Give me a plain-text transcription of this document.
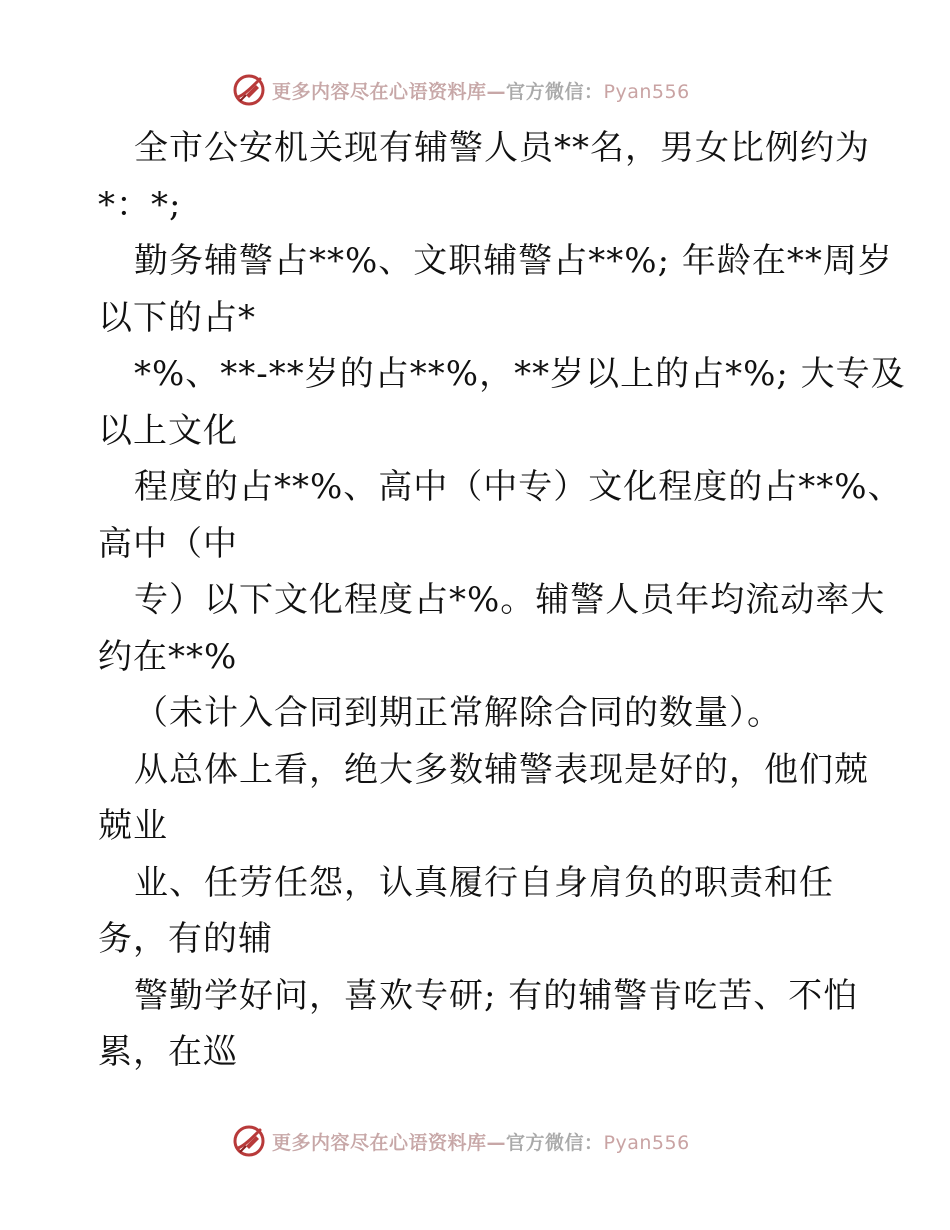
更多内容尽在心语资料库—官方微信：Pyan556
全市公安机关现有辅警人员**名，男女比例约为
*：*;
勤务辅警占**%、文职辅警占**%; 年龄在**周岁
以下的占*
*%、**-**岁的占**%，**岁以上的占*%; 大专及
以上文化
程度的占**%、高中（中专）文化程度的占**%、
高中（中
专）以下文化程度占*%。辅警人员年均流动率大
约在**%
（未计入合同到期正常解除合同的数量）。
从总体上看，绝大多数辅警表现是好的，他们兢
兢业
业、任劳任怨，认真履行自身肩负的职责和任
务，有的辅
警勤学好问，喜欢专研; 有的辅警肯吃苦、不怕
累，在巡
更多内容尽在心语资料库—官方微信：Pyan556
